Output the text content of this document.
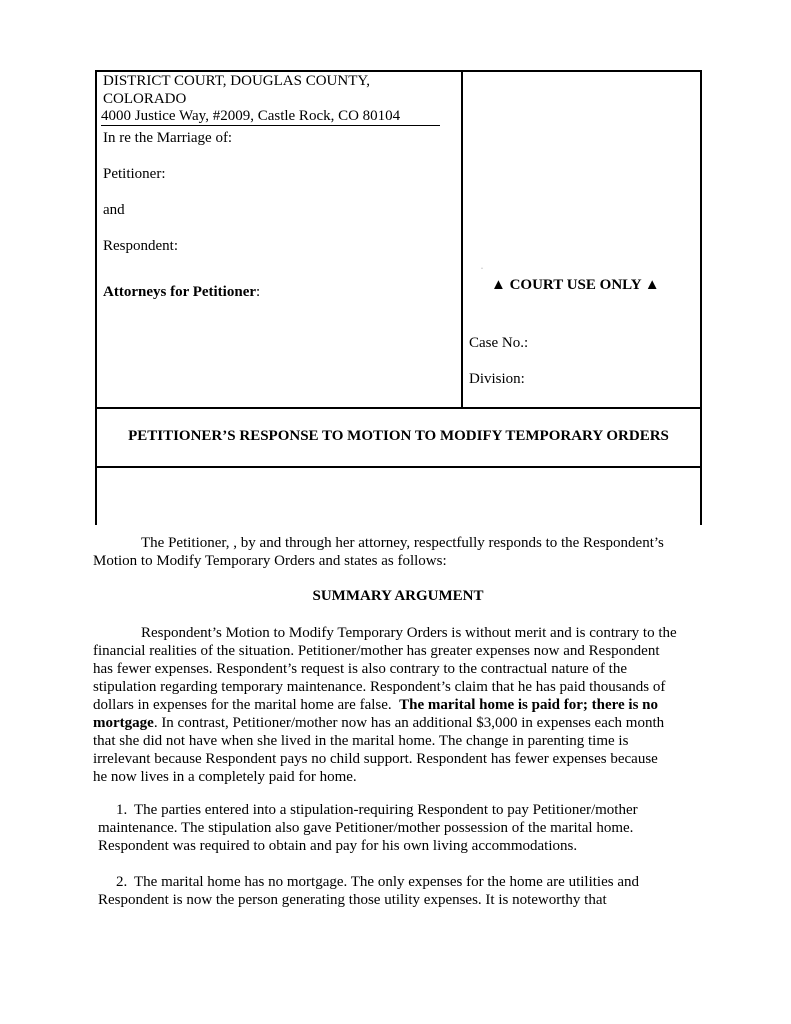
DISTRICT COURT, DOUGLAS COUNTY,
COLORADO
4000 Justice Way, #2009, Castle Rock, CO 80104
In re the Marriage of:
Petitioner:
and
Respondent:
Attorneys for Petitioner:
·
▲ COURT USE ONLY ▲
Case No.:
Division:
PETITIONER’S RESPONSE TO MOTION TO MODIFY TEMPORARY ORDERS

The Petitioner, , by and through her attorney, respectfully responds to the Respondent’s

Motion to Modify Temporary Orders and states as follows:

SUMMARY ARGUMENT

Respondent’s Motion to Modify Temporary Orders is without merit and is contrary to the

financial realities of the situation. Petitioner/mother has greater expenses now and Respondent

has fewer expenses. Respondent’s request is also contrary to the contractual nature of the

stipulation regarding temporary maintenance. Respondent’s claim that he has paid thousands of

dollars in expenses for the marital home are false.  The marital home is paid for; there is no

mortgage. In contrast, Petitioner/mother now has an additional $3,000 in expenses each month

that she did not have when she lived in the marital home. The change in parenting time is

irrelevant because Respondent pays no child support. Respondent has fewer expenses because

he now lives in a completely paid for home.

1. The parties entered into a stipulation-requiring Respondent to pay Petitioner/mother
maintenance. The stipulation also gave Petitioner/mother possession of the marital home.
Respondent was required to obtain and pay for his own living accommodations.
2. The marital home has no mortgage. The only expenses for the home are utilities and
Respondent is now the person generating those utility expenses. It is noteworthy that
